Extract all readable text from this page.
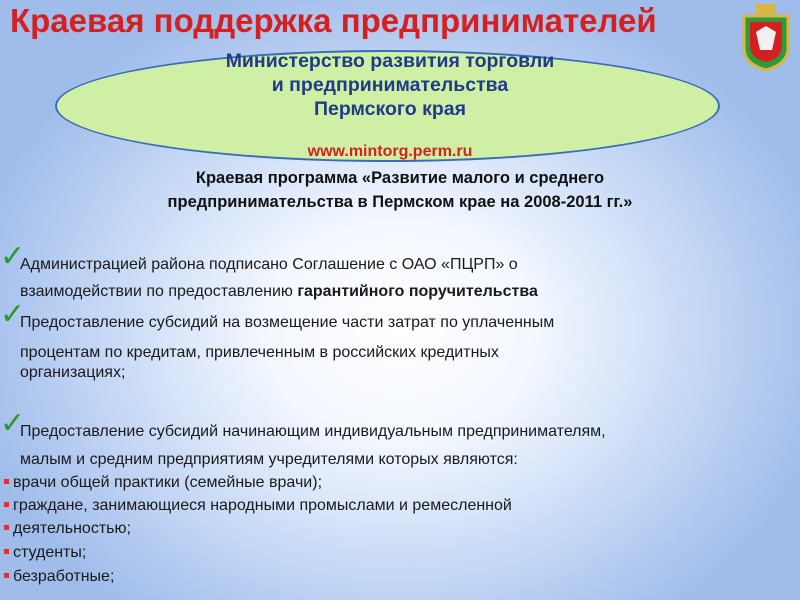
Краевая поддержка предпринимателей
Министерство развития торговли
и предпринимательства
Пермского края
www.mintorg.perm.ru
Краевая программа «Развитие малого и среднего
предпринимательства в Пермском крае на 2008-2011 гг.»
✓

Администрацией района подписано Соглашение с ОАО «ПЦРП» о

взаимодействии по предоставлению гарантийного поручительства

✓

Предоставление субсидий на возмещение части затрат по уплаченным

процентам по кредитам, привлеченным в российских кредитных

организациях;

✓

Предоставление субсидий начинающим индивидуальным предпринимателям,

малым и средним предприятиям учредителями которых являются:

врачи общей практики (семейные врачи);
граждане, занимающиеся народными промыслами и ремесленной
деятельностью;
студенты;
безработные;
